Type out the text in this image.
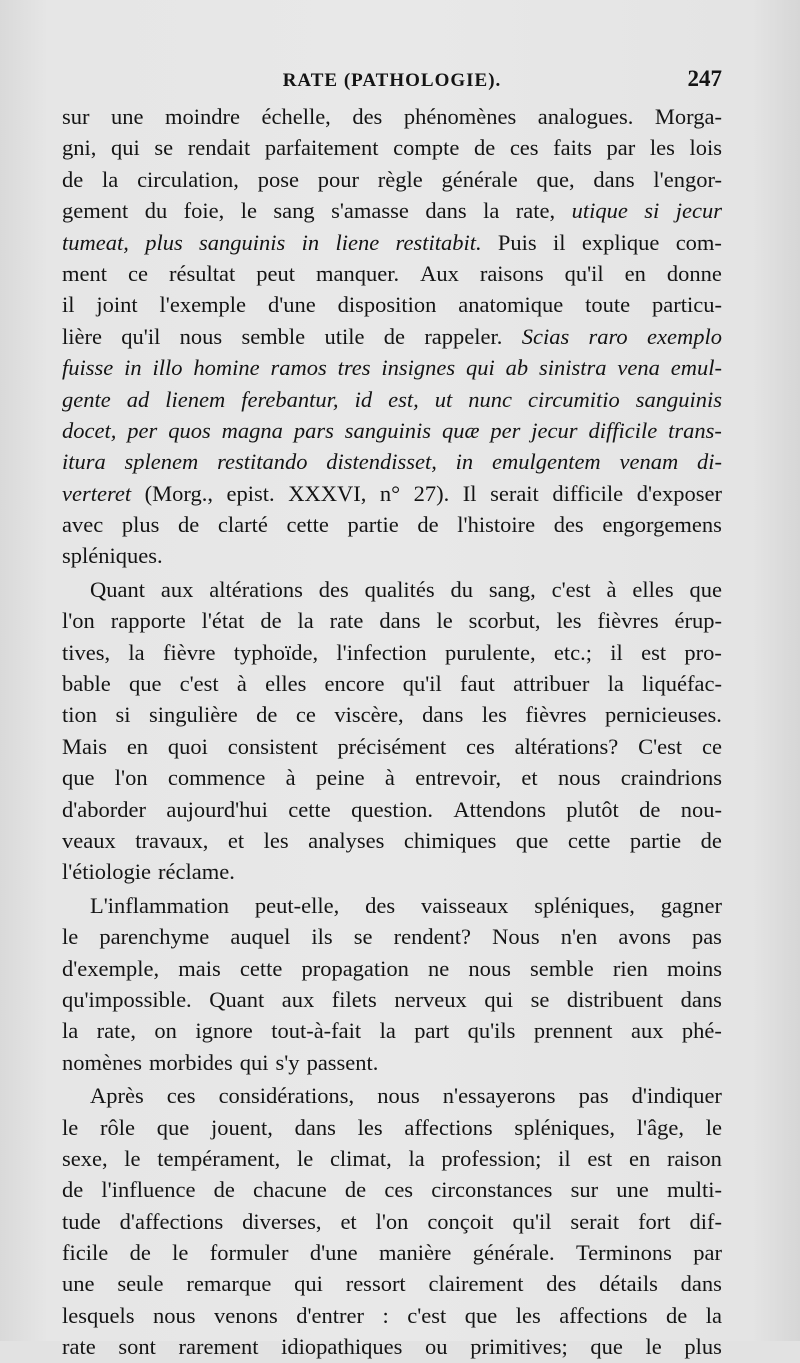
RATE (PATHOLOGIE).	247
sur une moindre échelle, des phénomènes analogues. Morga-
gni, qui se rendait parfaitement compte de ces faits par les lois
de la circulation, pose pour règle générale que, dans l'engor-
gement du foie, le sang s'amasse dans la rate, utique si jecur
tumeat, plus sanguinis in liene restitabit. Puis il explique com-
ment ce résultat peut manquer. Aux raisons qu'il en donne
il joint l'exemple d'une disposition anatomique toute particu-
lière qu'il nous semble utile de rappeler. Scias raro exemplo
fuisse in illo homine ramos tres insignes qui ab sinistra vena emul-
gente ad lienem ferebantur, id est, ut nunc circumitio sanguinis
docet, per quos magna pars sanguinis quæ per jecur difficile trans-
itura splenem restitando distendisset, in emulgentem venam di-
verteret (Morg., epist. XXXVI, n° 27). Il serait difficile d'exposer
avec plus de clarté cette partie de l'histoire des engorgemens
spléniques.
Quant aux altérations des qualités du sang, c'est à elles que
l'on rapporte l'état de la rate dans le scorbut, les fièvres érup-
tives, la fièvre typhoïde, l'infection purulente, etc.; il est pro-
bable que c'est à elles encore qu'il faut attribuer la liquéfac-
tion si singulière de ce viscère, dans les fièvres pernicieuses.
Mais en quoi consistent précisément ces altérations? C'est ce
que l'on commence à peine à entrevoir, et nous craindrions
d'aborder aujourd'hui cette question. Attendons plutôt de nou-
veaux travaux, et les analyses chimiques que cette partie de
l'étiologie réclame.
L'inflammation peut-elle, des vaisseaux spléniques, gagner
le parenchyme auquel ils se rendent? Nous n'en avons pas
d'exemple, mais cette propagation ne nous semble rien moins
qu'impossible. Quant aux filets nerveux qui se distribuent dans
la rate, on ignore tout-à-fait la part qu'ils prennent aux phé-
nomènes morbides qui s'y passent.
Après ces considérations, nous n'essayerons pas d'indiquer
le rôle que jouent, dans les affections spléniques, l'âge, le
sexe, le tempérament, le climat, la profession; il est en raison
de l'influence de chacune de ces circonstances sur une multi-
tude d'affections diverses, et l'on conçoit qu'il serait fort dif-
ficile de le formuler d'une manière générale. Terminons par
une seule remarque qui ressort clairement des détails dans
lesquels nous venons d'entrer : c'est que les affections de la
rate sont rarement idiopathiques ou primitives; que le plus
